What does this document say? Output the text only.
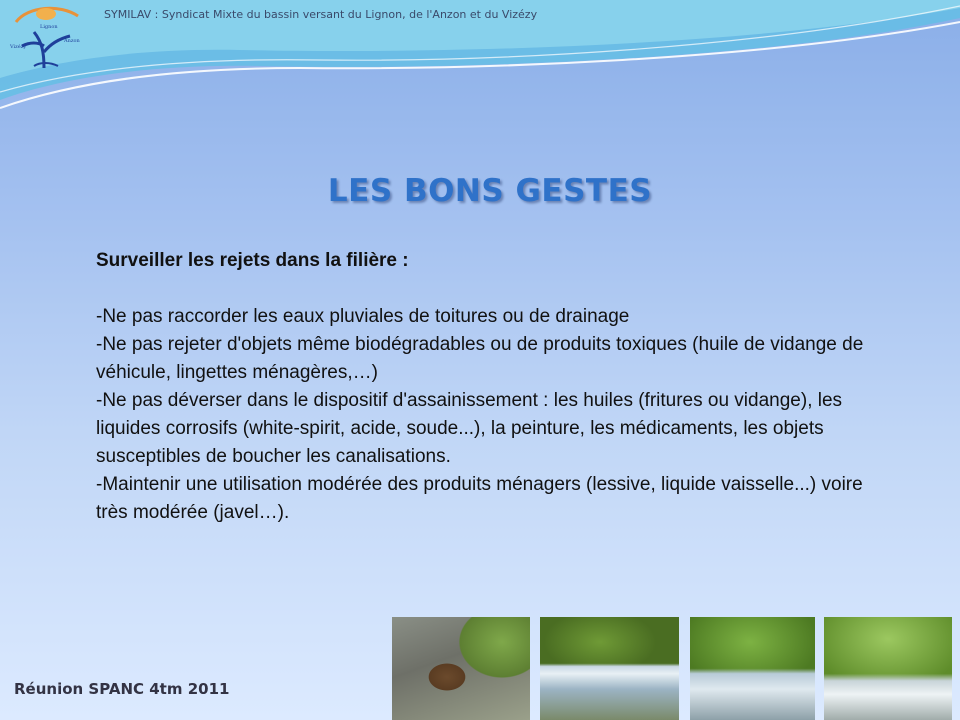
Lignon
Vizézy
Anzon
SYMILAV : Syndicat Mixte du bassin versant du Lignon, de l'Anzon et du Vizézy
LES BONS GESTES

Surveiller les rejets dans la filière :

-Ne pas raccorder les eaux pluviales de toitures ou de drainage

-Ne pas rejeter d'objets même biodégradables ou de produits toxiques (huile de vidange de véhicule, lingettes ménagères,…)

-Ne pas déverser dans le dispositif d'assainissement : les huiles (fritures ou vidange), les liquides corrosifs (white-spirit, acide, soude...), la peinture, les médicaments, les objets susceptibles de boucher les canalisations.

-Maintenir une utilisation modérée des produits ménagers (lessive, liquide vaisselle...) voire très modérée (javel…).

Réunion SPANC 4tm 2011
